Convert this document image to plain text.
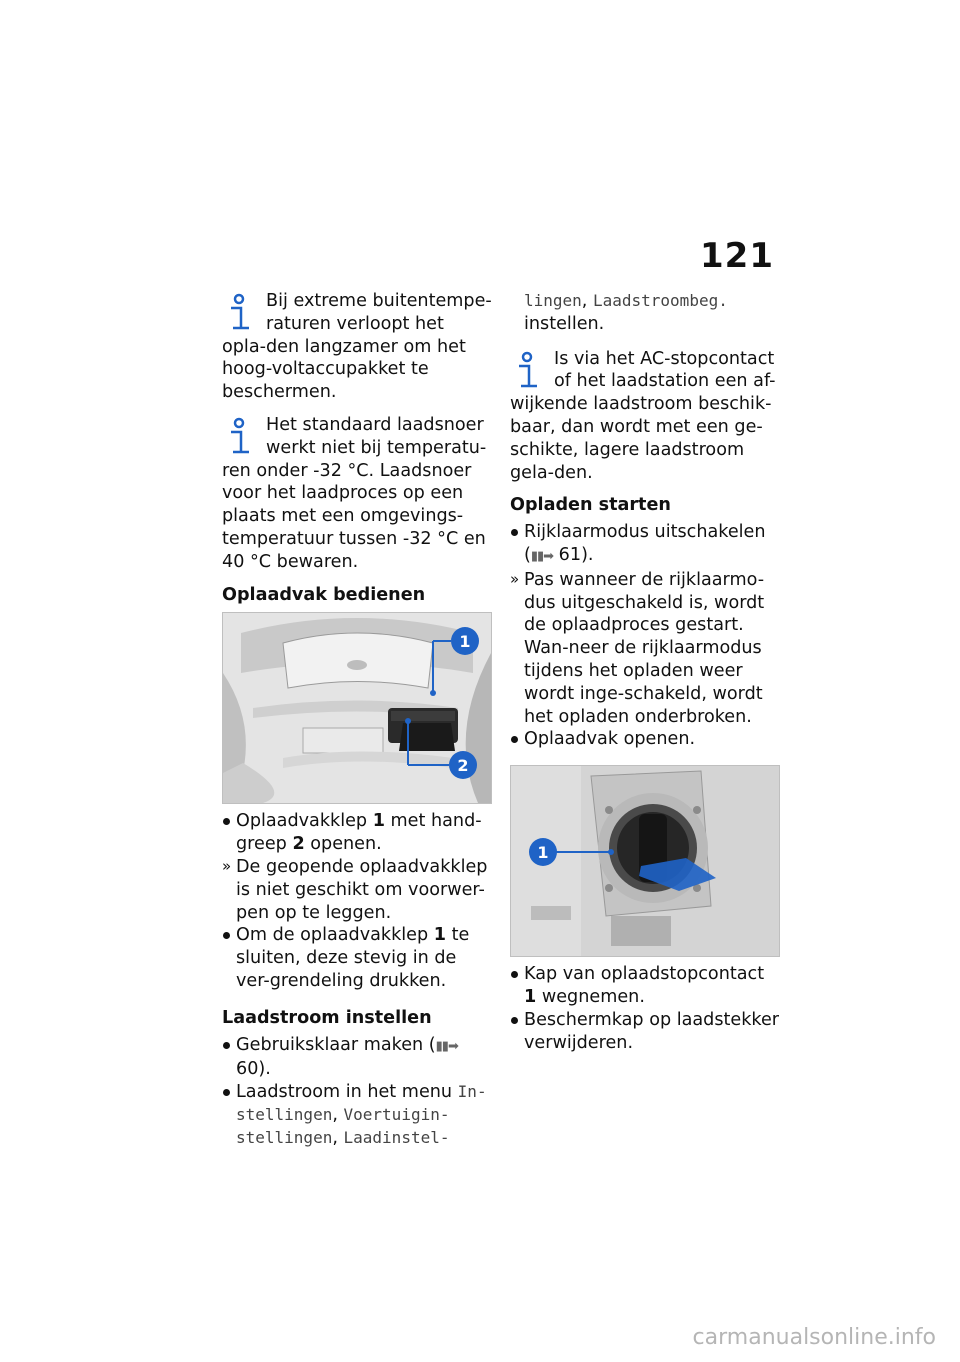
121

Bij extreme buitentempe-raturen verloopt het opla-den langzamer om het hoog-voltaccupakket te beschermen.

Het standaard laadsnoer werkt niet bij temperatu-ren onder -32 °C. Laadsnoer voor het laadproces op een plaats met een omgevings-temperatuur tussen -32 °C en 40 °C bewaren.

Oplaadvak bedienen
1
2
Oplaadvakklep 1 met hand-greep 2 openen.
» De geopende oplaadvakklep is niet geschikt om voorwer-pen op te leggen.
Om de oplaadvakklep 1 te sluiten, deze stevig in de ver-grendeling drukken.
Laadstroom instellen
Gebruiksklaar maken (▮▮➡ 60).
Laadstroom in het menu In-stellingen, Voertuigin-stellingen, Laadinstel-
lingen, Laadstroombeg. instellen.

Is via het AC-stopcontact of het laadstation een af-wijkende laadstroom beschik-baar, dan wordt met een ge-schikte, lagere laadstroom gela-den.

Opladen starten
Rijklaarmodus uitschakelen (▮▮➡ 61).
» Pas wanneer de rijklaarmo-dus uitgeschakeld is, wordt de oplaadproces gestart. Wan-neer de rijklaarmodus tijdens het opladen weer wordt inge-schakeld, wordt het opladen onderbroken.
Oplaadvak openen.
1
Kap van oplaadstopcontact 1 wegnemen.
Beschermkap op laadstekker verwijderen.
carmanualsonline.info
